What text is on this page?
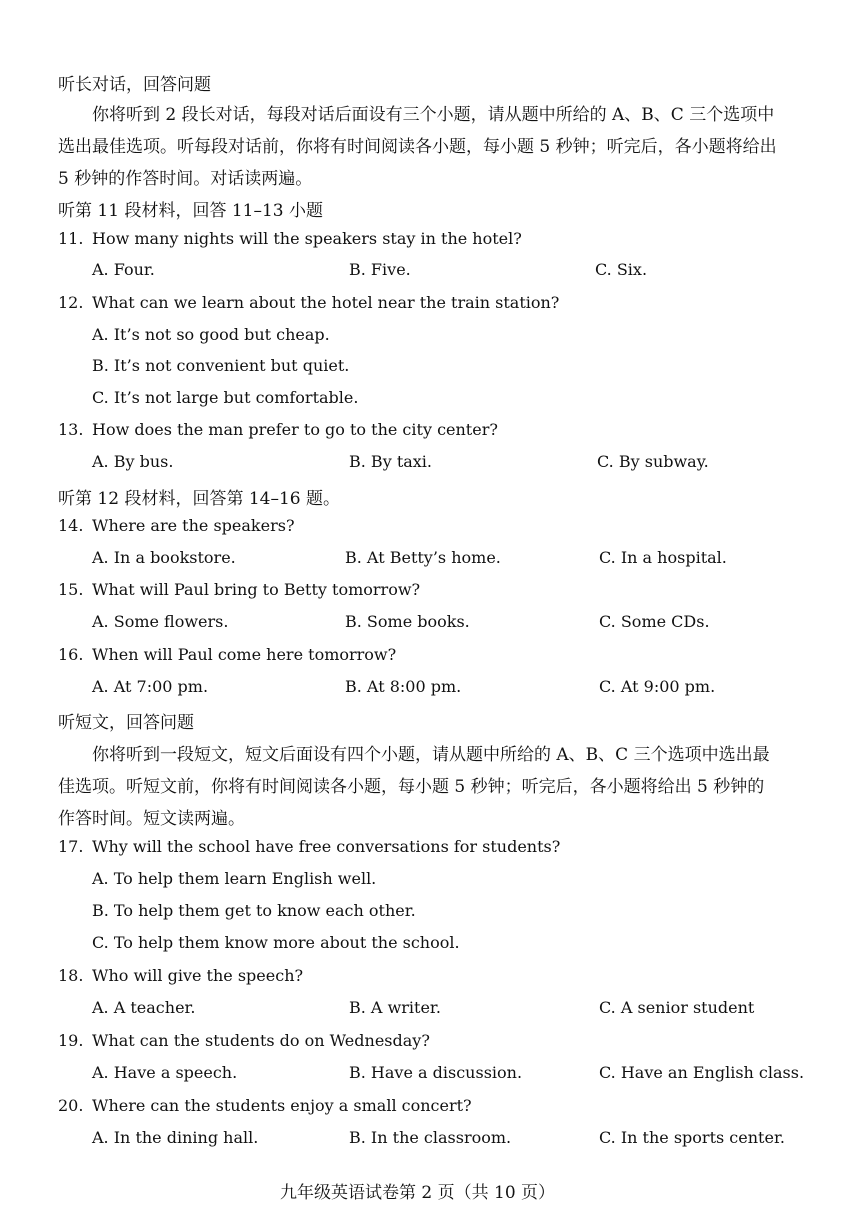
听长对话，回答问题
你将听到 2 段长对话，每段对话后面设有三个小题，请从题中所给的 A、B、C 三个选项中
选出最佳选项。听每段对话前，你将有时间阅读各小题，每小题 5 秒钟；听完后，各小题将给出
5 秒钟的作答时间。对话读两遍。
听第 11 段材料，回答 11–13 小题
11. How many nights will the speakers stay in the hotel?
A. Four.	B. Five.	C. Six.
12. What can we learn about the hotel near the train station?
A. It’s not so good but cheap.
B. It’s not convenient but quiet.
C. It’s not large but comfortable.
13. How does the man prefer to go to the city center?
A. By bus.	B. By taxi.	C. By subway.
听第 12 段材料，回答第 14–16 题。
14. Where are the speakers?
A. In a bookstore.	B. At Betty’s home.	C. In a hospital.
15. What will Paul bring to Betty tomorrow?
A. Some flowers.	B. Some books.	C. Some CDs.
16. When will Paul come here tomorrow?
A. At 7:00 pm.	B. At 8:00 pm.	C. At 9:00 pm.
听短文，回答问题
你将听到一段短文，短文后面设有四个小题，请从题中所给的 A、B、C 三个选项中选出最
佳选项。听短文前，你将有时间阅读各小题，每小题 5 秒钟；听完后，各小题将给出 5 秒钟的
作答时间。短文读两遍。
17. Why will the school have free conversations for students?
A. To help them learn English well.
B. To help them get to know each other.
C. To help them know more about the school.
18. Who will give the speech?
A. A teacher.	B. A writer.	C. A senior student
19. What can the students do on Wednesday?
A. Have a speech.	B. Have a discussion.	C. Have an English class.
20. Where can the students enjoy a small concert?
A. In the dining hall.	B. In the classroom.	C. In the sports center.
九年级英语试卷第 2 页（共 10 页）
